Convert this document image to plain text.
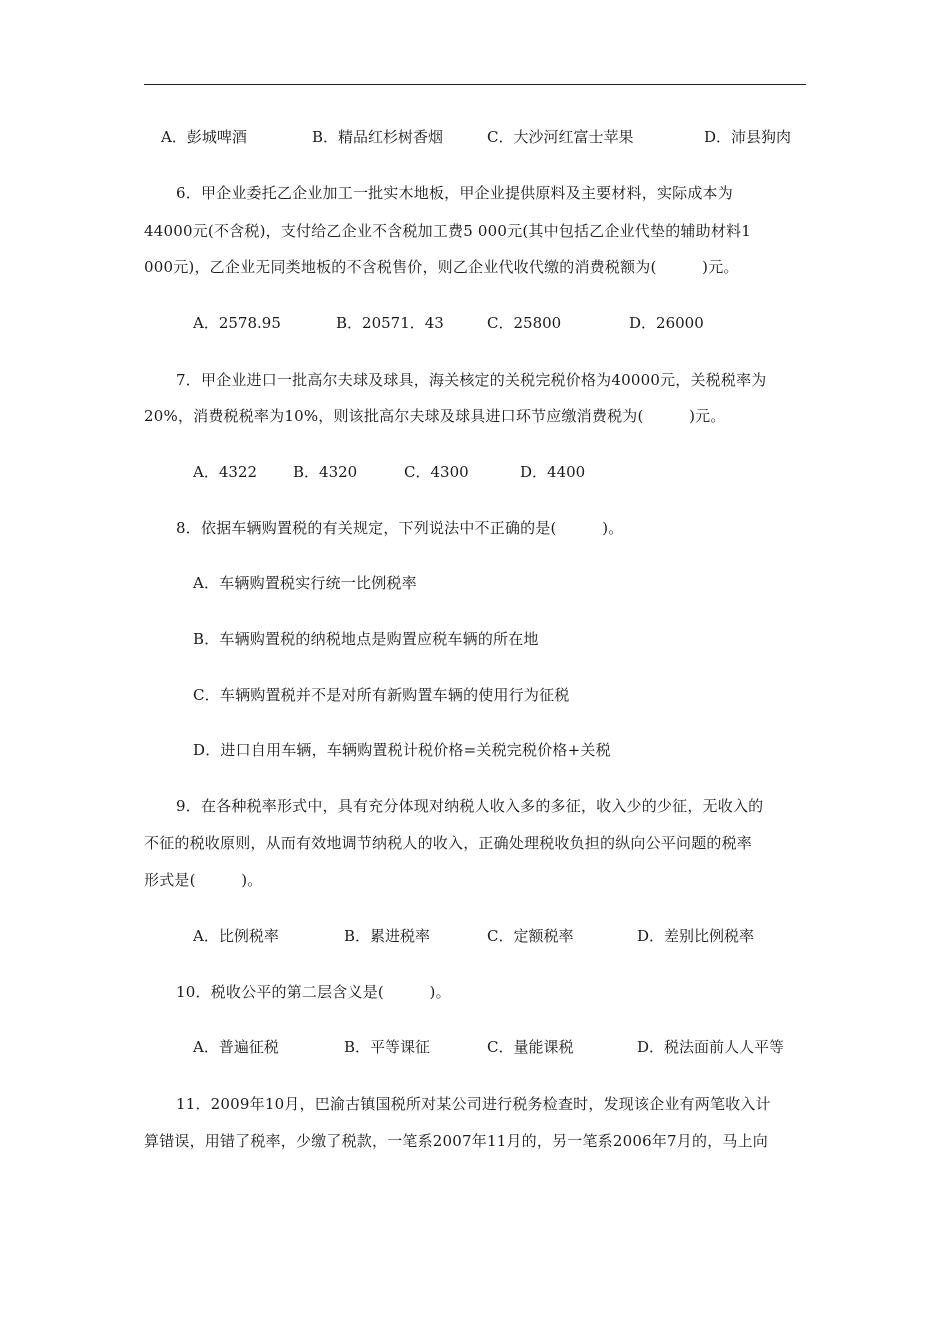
A．彭城啤酒	B．精品红杉树香烟	C．大沙河红富士苹果	D．沛县狗肉
6．甲企业委托乙企业加工一批实木地板，甲企业提供原料及主要材料，实际成本为
44000元(不含税)，支付给乙企业不含税加工费5 000元(其中包括乙企业代垫的辅助材料1
000元)，乙企业无同类地板的不含税售价，则乙企业代收代缴的消费税额为(　　　)元。
A．2578.95	B．20571．43	C．25800	D．26000
7．甲企业进口一批高尔夫球及球具，海关核定的关税完税价格为40000元，关税税率为
20%，消费税税率为10%，则该批高尔夫球及球具进口环节应缴消费税为(　　　)元。
A．4322 B．4320	C．4300	D．4400
8．依据车辆购置税的有关规定，下列说法中不正确的是(　　　)。
A．车辆购置税实行统一比例税率
B．车辆购置税的纳税地点是购置应税车辆的所在地
C．车辆购置税并不是对所有新购置车辆的使用行为征税
D．进口自用车辆，车辆购置税计税价格=关税完税价格+关税
9．在各种税率形式中，具有充分体现对纳税人收入多的多征，收入少的少征，无收入的
不征的税收原则，从而有效地调节纳税人的收入，正确处理税收负担的纵向公平问题的税率
形式是(　　　)。
A．比例税率	B．累进税率	C．定额税率	D．差别比例税率
10．税收公平的第二层含义是(　　　)。
A．普遍征税	B．平等课征	C．量能课税	D．税法面前人人平等
11．2009年10月，巴渝古镇国税所对某公司进行税务检查时，发现该企业有两笔收入计
算错误，用错了税率，少缴了税款，一笔系2007年11月的，另一笔系2006年7月的，马上向
